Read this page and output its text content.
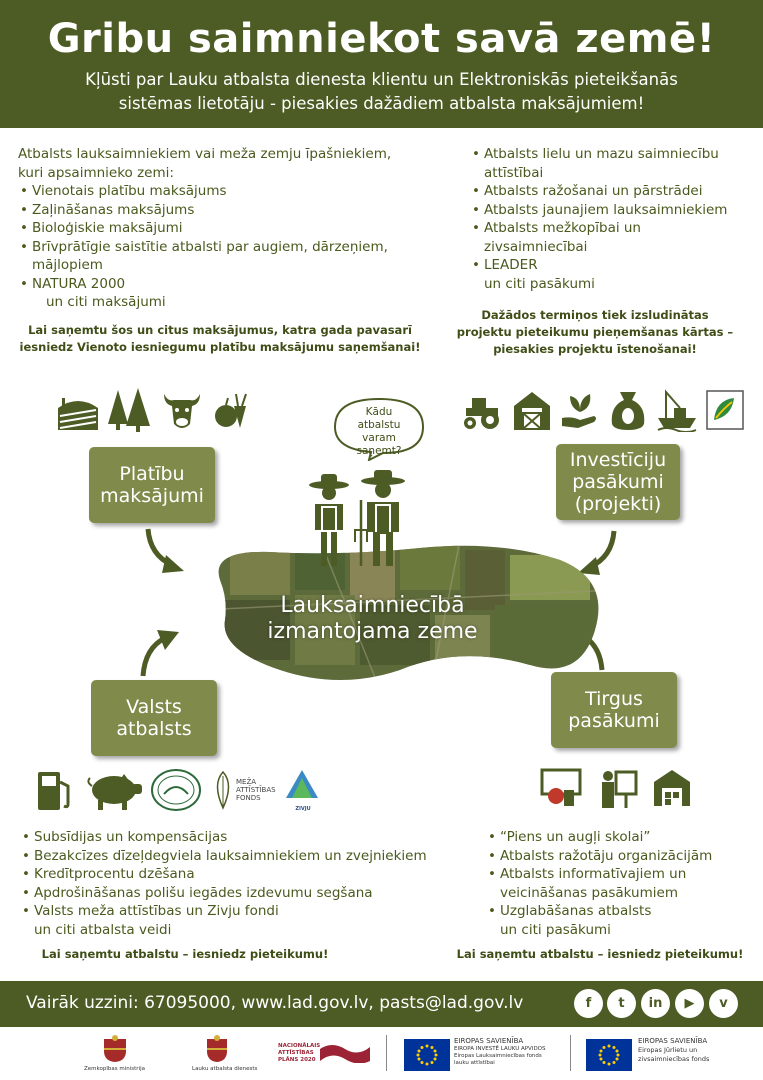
Gribu saimniekot savā zemē!
Kļūsti par Lauku atbalsta dienesta klientu un Elektroniskās pieteikšanās
sistēmas lietotāju - piesakies dažādiem atbalsta maksājumiem!
Atbalsts lauksaimniekiem vai meža zemju īpašniekiem,
kuri apsaimnieko zemi:
• Vienotais platību maksājums
• Zaļināšanas maksājums
• Bioloģiskie maksājumi
• Brīvprātīgie saistītie atbalsti par augiem, dārzeņiem,
mājlopiem
• NATURA 2000
un citi maksājumi
Lai saņemtu šos un citus maksājumus, katra gada pavasarī
iesniedz Vienoto iesniegumu platību maksājumu saņemšanai!
• Atbalsts lielu un mazu saimniecību
attīstībai
• Atbalsts ražošanai un pārstrādei
• Atbalsts jaunajiem lauksaimniekiem
• Atbalsts mežkopībai un
zivsaimniecībai
• LEADER
un citi pasākumi
Dažādos termiņos tiek izsludinātas
projektu pieteikumu pieņemšanas kārtas –
piesakies projektu īstenošanai!
Platību
maksājumi
Investīciju
pasākumi
(projekti)
Valsts
atbalsts
Tirgus
pasākumi
Lauksaimniecībā
izmantojama zeme
Kādu
atbalstu
varam
saņemt?
MEŽA
ATTĪSTĪBAS
FONDS
ZIVJU
• Subsīdijas un kompensācijas
• Bezakcīzes dīzeļdegviela lauksaimniekiem un zvejniekiem
• Kredītprocentu dzēšana
• Apdrošināšanas polišu iegādes izdevumu segšana
• Valsts meža attīstības un Zivju fondi
un citi atbalsta veidi
Lai saņemtu atbalstu – iesniedz pieteikumu!
• “Piens un augļi skolai”
• Atbalsts ražotāju organizācijām
• Atbalsts informatīvajiem un
veicināšanas pasākumiem
• Uzglabāšanas atbalsts
un citi pasākumi
Lai saņemtu atbalstu – iesniedz pieteikumu!
Vairāk uzzini: 67095000, www.lad.gov.lv, pasts@lad.gov.lv	f	t	in	▶	v
Zemkopības ministrija	Lauku atbalsta dienests
NACIONĀLAIS
ATTĪSTĪBAS
PLĀNS 2020
EIROPAS SAVIENĪBA
EIROPA INVESTĒ LAUKU APVIDOS
Eiropas Lauksaimniecības fonds
lauku attīstībai
EIROPAS SAVIENĪBA
Eiropas Jūrlietu un
zivsaimniecības fonds
